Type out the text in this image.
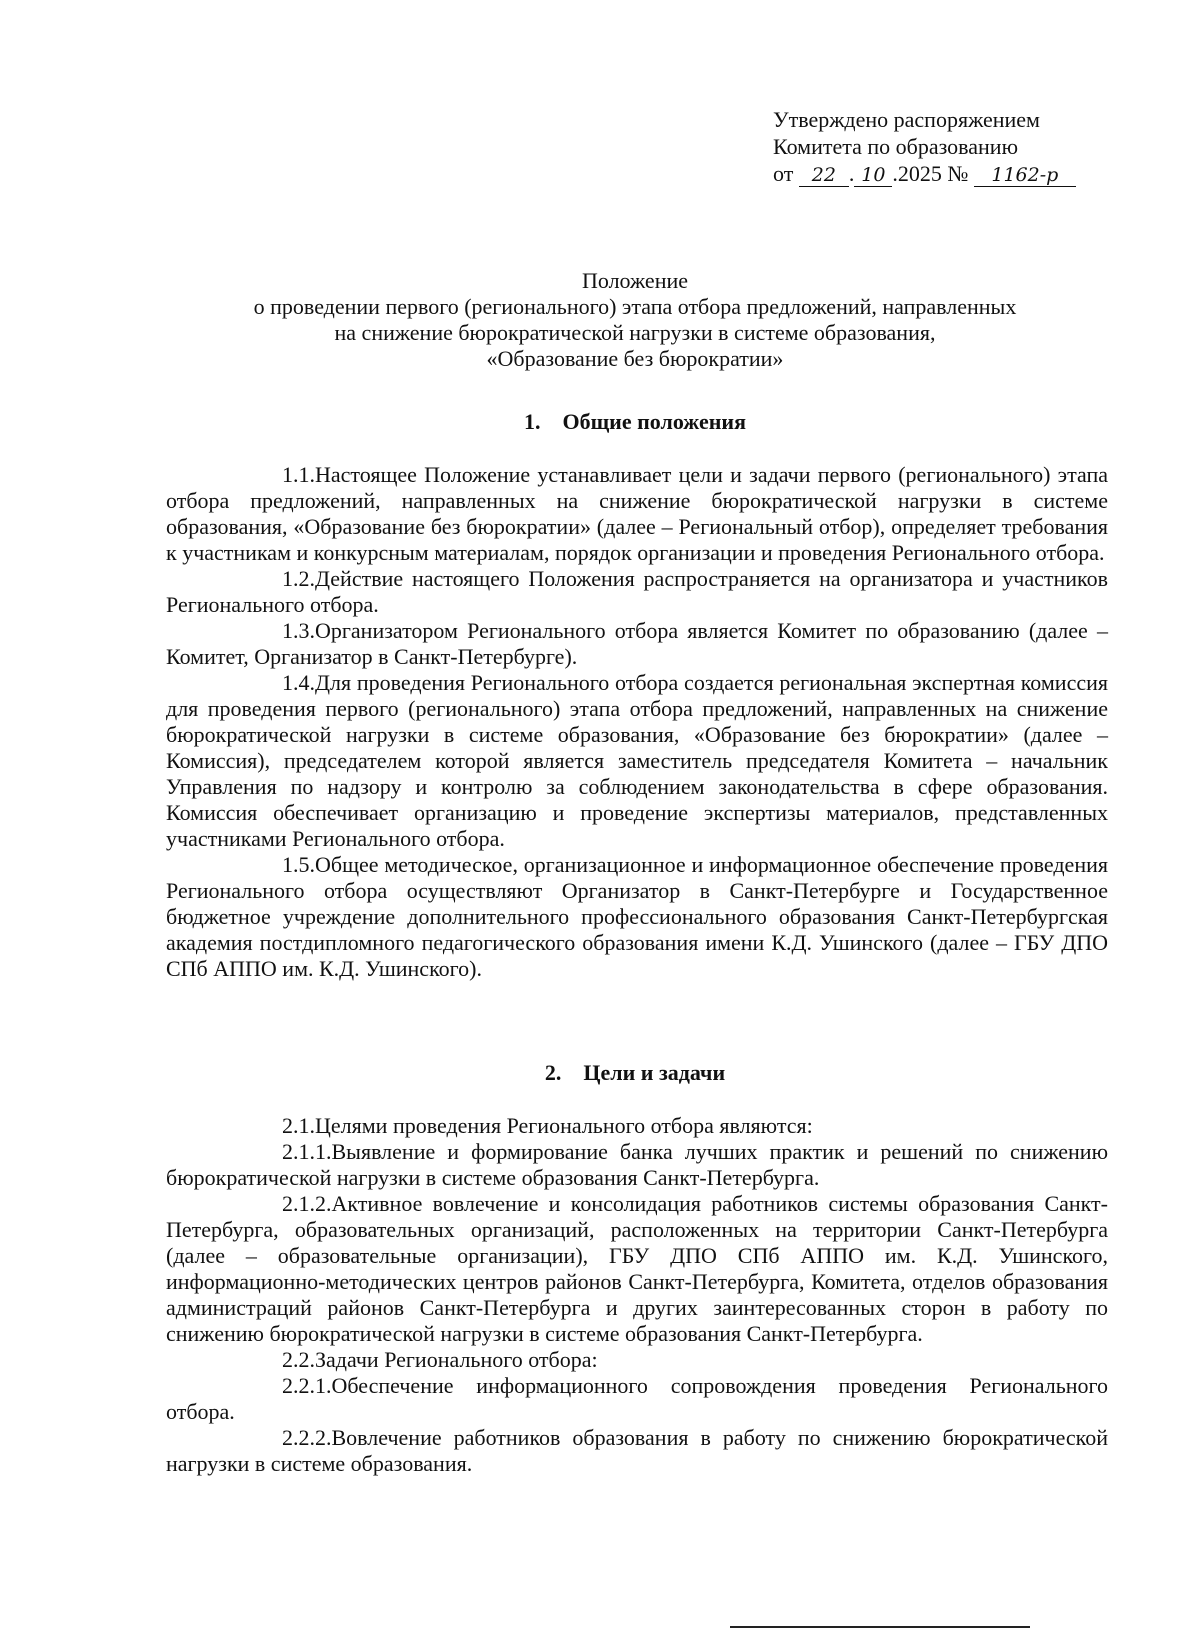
Утверждено распоряжением
Комитета по образованию
от 22 . 10 .2025 № 1162-р
Положение
о проведении первого (регионального) этапа отбора предложений, направленных
на снижение бюрократической нагрузки в системе образования,
«Образование без бюрократии»
1. Общие положения

1.1.Настоящее Положение устанавливает цели и задачи первого (регионального) этапа отбора предложений, направленных на снижение бюрократической нагрузки в системе образования, «Образование без бюрократии» (далее – Региональный отбор), определяет требования к участникам и конкурсным материалам, порядок организации и проведения Регионального отбора.

1.2.Действие настоящего Положения распространяется на организатора и участников Регионального отбора.

1.3.Организатором Регионального отбора является Комитет по образованию (далее – Комитет, Организатор в Санкт-Петербурге).

1.4.Для проведения Регионального отбора создается региональная экспертная комиссия для проведения первого (регионального) этапа отбора предложений, направленных на снижение бюрократической нагрузки в системе образования, «Образование без бюрократии» (далее – Комиссия), председателем которой является заместитель председателя Комитета – начальник Управления по надзору и контролю за соблюдением законодательства в сфере образования. Комиссия обеспечивает организацию и проведение экспертизы материалов, представленных участниками Регионального отбора.

1.5.Общее методическое, организационное и информационное обеспечение проведения Регионального отбора осуществляют Организатор в Санкт-Петербурге и Государственное бюджетное учреждение дополнительного профессионального образования Санкт-Петербургская академия постдипломного педагогического образования имени К.Д. Ушинского (далее – ГБУ ДПО СПб АППО им. К.Д. Ушинского).

2. Цели и задачи

2.1.Целями проведения Регионального отбора являются:

2.1.1.Выявление и формирование банка лучших практик и решений по снижению бюрократической нагрузки в системе образования Санкт-Петербурга.

2.1.2.Активное вовлечение и консолидация работников системы образования Санкт-Петербурга, образовательных организаций, расположенных на территории Санкт-Петербурга (далее – образовательные организации), ГБУ ДПО СПб АППО им. К.Д. Ушинского, информационно-методических центров районов Санкт-Петербурга, Комитета, отделов образования администраций районов Санкт-Петербурга и других заинтересованных сторон в работу по снижению бюрократической нагрузки в системе образования Санкт-Петербурга.

2.2.Задачи Регионального отбора:

2.2.1.Обеспечение информационного сопровождения проведения Регионального отбора.

2.2.2.Вовлечение работников образования в работу по снижению бюрократической нагрузки в системе образования.
